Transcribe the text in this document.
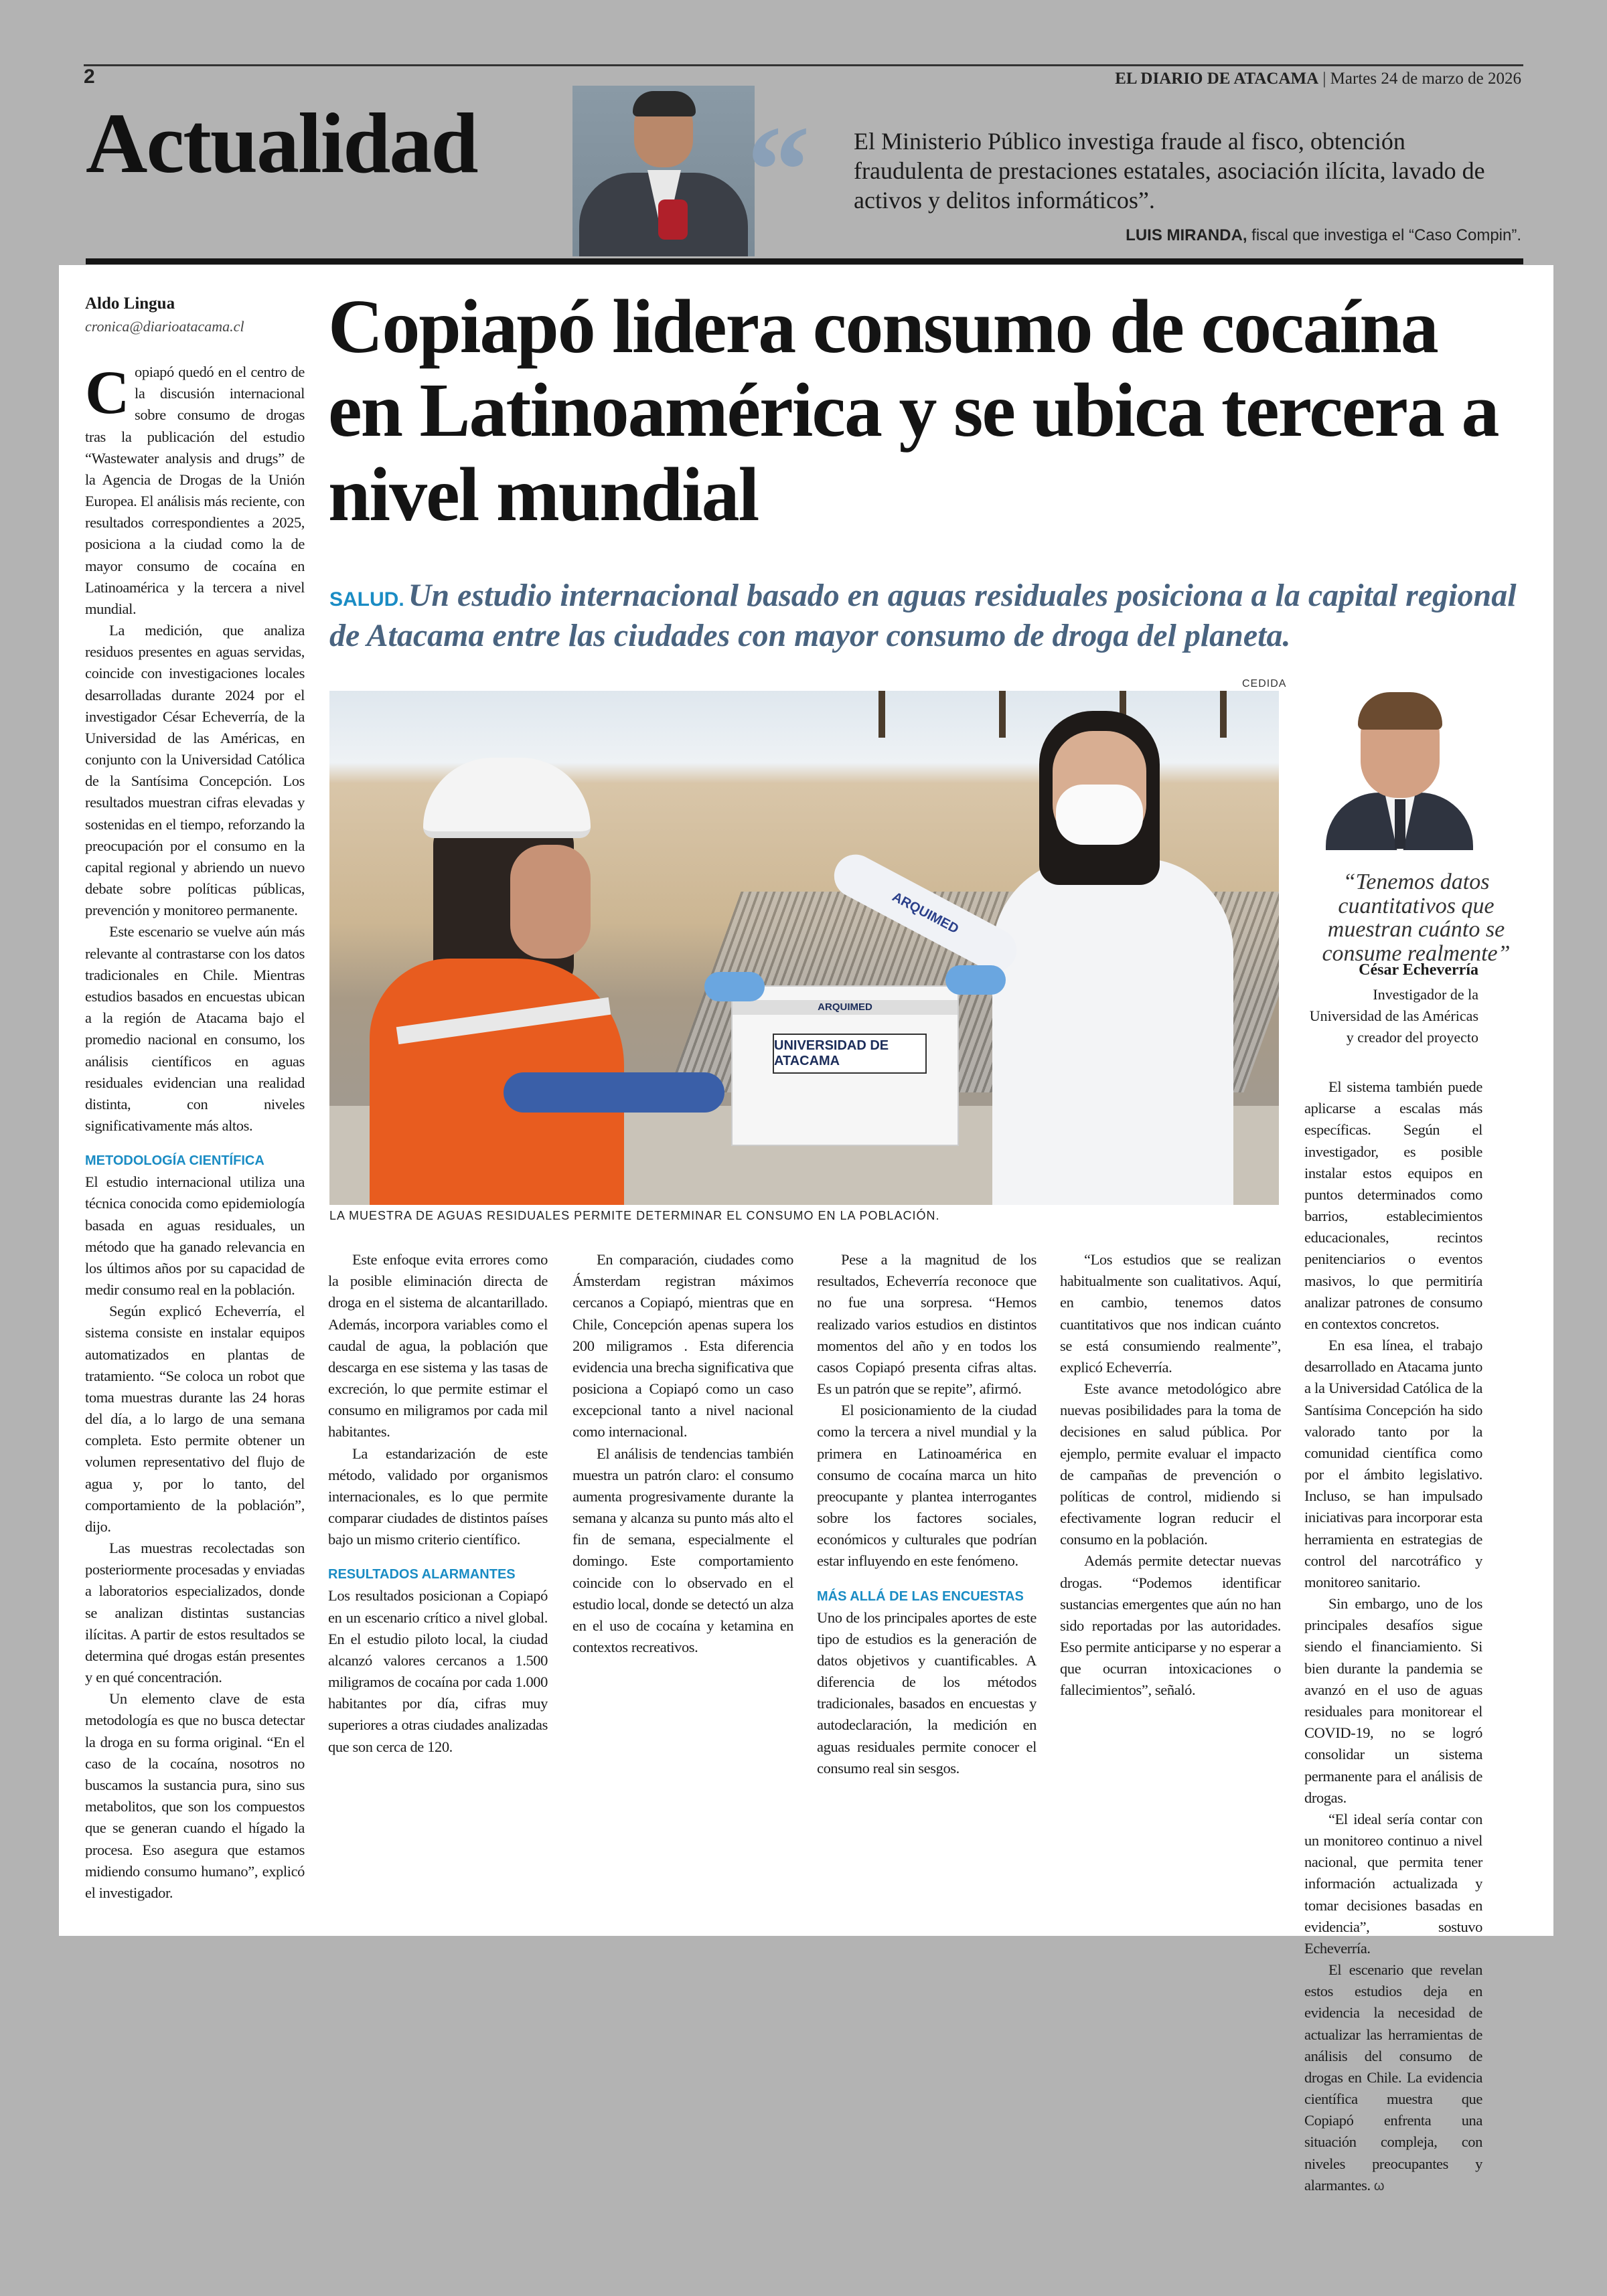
2	EL DIARIO DE ATACAMA | Martes 24 de marzo de 2026
Actualidad “ El Ministerio Público investiga fraude al fisco, obtención fraudulenta de prestaciones estatales, asociación ilícita, lavado de activos y delitos informáticos”.
LUIS MIRANDA, fiscal que investiga el “Caso Compin”.
Aldo Lingua
cronica@diarioatacama.cl Copiapó lidera consumo de cocaína en Latinoamérica y se ubica tercera a nivel mundial
SALUD. Un estudio internacional basado en aguas residuales posiciona a la capital regional de Atacama entre las ciudades con mayor consumo de droga del planeta.
CEDIDA
ARQUIMED
UNIVERSIDAD DE ATACAMA
ARQUIMED
LA MUESTRA DE AGUAS RESIDUALES PERMITE DETERMINAR EL CONSUMO EN LA POBLACIÓN.
“Tenemos datos cuantitativos que muestran cuánto se consume realmente”
César Echeverría
Investigador de la Universidad de las Américas y creador del proyecto

Copiapó quedó en el centro de la discusión internacional sobre consumo de drogas tras la publicación del estudio “Wastewater analysis and drugs” de la Agencia de Drogas de la Unión Europea. El análisis más reciente, con resultados correspondientes a 2025, posiciona a la ciudad como la de mayor consumo de cocaína en Latinoamérica y la tercera a nivel mundial.

La medición, que analiza residuos presentes en aguas servidas, coincide con investigaciones locales desarrolladas durante 2024 por el investigador César Echeverría, de la Universidad de las Américas, en conjunto con la Universidad Católica de la Santísima Concepción. Los resultados muestran cifras elevadas y sostenidas en el tiempo, reforzando la preocupación por el consumo en la capital regional y abriendo un nuevo debate sobre políticas públicas, prevención y monitoreo permanente.

Este escenario se vuelve aún más relevante al contrastarse con los datos tradicionales en Chile. Mientras estudios basados en encuestas ubican a la región de Atacama bajo el promedio nacional en consumo, los análisis científicos en aguas residuales evidencian una realidad distinta, con niveles significativamente más altos.

METODOLOGÍA CIENTÍFICA

El estudio internacional utiliza una técnica conocida como epidemiología basada en aguas residuales, un método que ha ganado relevancia en los últimos años por su capacidad de medir consumo real en la población.

Según explicó Echeverría, el sistema consiste en instalar equipos automatizados en plantas de tratamiento. “Se coloca un robot que toma muestras durante las 24 horas del día, a lo largo de una semana completa. Esto permite obtener un volumen representativo del flujo de agua y, por lo tanto, del comportamiento de la población”, dijo.

Las muestras recolectadas son posteriormente procesadas y enviadas a laboratorios especializados, donde se analizan distintas sustancias ilícitas. A partir de estos resultados se determina qué drogas están presentes y en qué concentración.

Un elemento clave de esta metodología es que no busca detectar la droga en su forma original. “En el caso de la cocaína, nosotros no buscamos la sustancia pura, sino sus metabolitos, que son los compuestos que se generan cuando el hígado la procesa. Eso asegura que estamos midiendo consumo humano”, explicó el investigador.

Este enfoque evita errores como la posible eliminación directa de droga en el sistema de alcantarillado. Además, incorpora variables como el caudal de agua, la población que descarga en ese sistema y las tasas de excreción, lo que permite estimar el consumo en miligramos por cada mil habitantes.

La estandarización de este método, validado por organismos internacionales, es lo que permite comparar ciudades de distintos países bajo un mismo criterio científico.

RESULTADOS ALARMANTES

Los resultados posicionan a Copiapó en un escenario crítico a nivel global. En el estudio piloto local, la ciudad alcanzó valores cercanos a 1.500 miligramos de cocaína por cada 1.000 habitantes por día, cifras muy superiores a otras ciudades analizadas que son cerca de 120.

En comparación, ciudades como Ámsterdam registran máximos cercanos a Copiapó, mientras que en Chile, Concepción apenas supera los 200 miligramos . Esta diferencia evidencia una brecha significativa que posiciona a Copiapó como un caso excepcional tanto a nivel nacional como internacional.

El análisis de tendencias también muestra un patrón claro: el consumo aumenta progresivamente durante la semana y alcanza su punto más alto el fin de semana, especialmente el domingo. Este comportamiento coincide con lo observado en el estudio local, donde se detectó un alza en el uso de cocaína y ketamina en contextos recreativos.

Pese a la magnitud de los resultados, Echeverría reconoce que no fue una sorpresa. “Hemos realizado varios estudios en distintos momentos del año y en todos los casos Copiapó presenta cifras altas. Es un patrón que se repite”, afirmó.

El posicionamiento de la ciudad como la tercera a nivel mundial y la primera en Latinoamérica en consumo de cocaína marca un hito preocupante y plantea interrogantes sobre los factores sociales, económicos y culturales que podrían estar influyendo en este fenómeno.

MÁS ALLÁ DE LAS ENCUESTAS

Uno de los principales aportes de este tipo de estudios es la generación de datos objetivos y cuantificables. A diferencia de los métodos tradicionales, basados en encuestas y autodeclaración, la medición en aguas residuales permite conocer el consumo real sin sesgos.

“Los estudios que se realizan habitualmente son cualitativos. Aquí, en cambio, tenemos datos cuantitativos que nos indican cuánto se está consumiendo realmente”, explicó Echeverría.

Este avance metodológico abre nuevas posibilidades para la toma de decisiones en salud pública. Por ejemplo, permite evaluar el impacto de campañas de prevención o políticas de control, midiendo si efectivamente logran reducir el consumo en la población.

Además permite detectar nuevas drogas. “Podemos identificar sustancias emergentes que aún no han sido reportadas por las autoridades. Eso permite anticiparse y no esperar a que ocurran intoxicaciones o fallecimientos”, señaló.

El sistema también puede aplicarse a escalas más específicas. Según el investigador, es posible instalar estos equipos en puntos determinados como barrios, establecimientos educacionales, recintos penitenciarios o eventos masivos, lo que permitiría analizar patrones de consumo en contextos concretos.

En esa línea, el trabajo desarrollado en Atacama junto a la Universidad Católica de la Santísima Concepción ha sido valorado tanto por la comunidad científica como por el ámbito legislativo. Incluso, se han impulsado iniciativas para incorporar esta herramienta en estrategias de control del narcotráfico y monitoreo sanitario.

Sin embargo, uno de los principales desafíos sigue siendo el financiamiento. Si bien durante la pandemia se avanzó en el uso de aguas residuales para monitorear el COVID-19, no se logró consolidar un sistema permanente para el análisis de drogas.

“El ideal sería contar con un monitoreo continuo a nivel nacional, que permita tener información actualizada y tomar decisiones basadas en evidencia”, sostuvo Echeverría.

El escenario que revelan estos estudios deja en evidencia la necesidad de actualizar las herramientas de análisis del consumo de drogas en Chile. La evidencia científica muestra que Copiapó enfrenta una situación compleja, con niveles preocupantes y alarmantes. ω
